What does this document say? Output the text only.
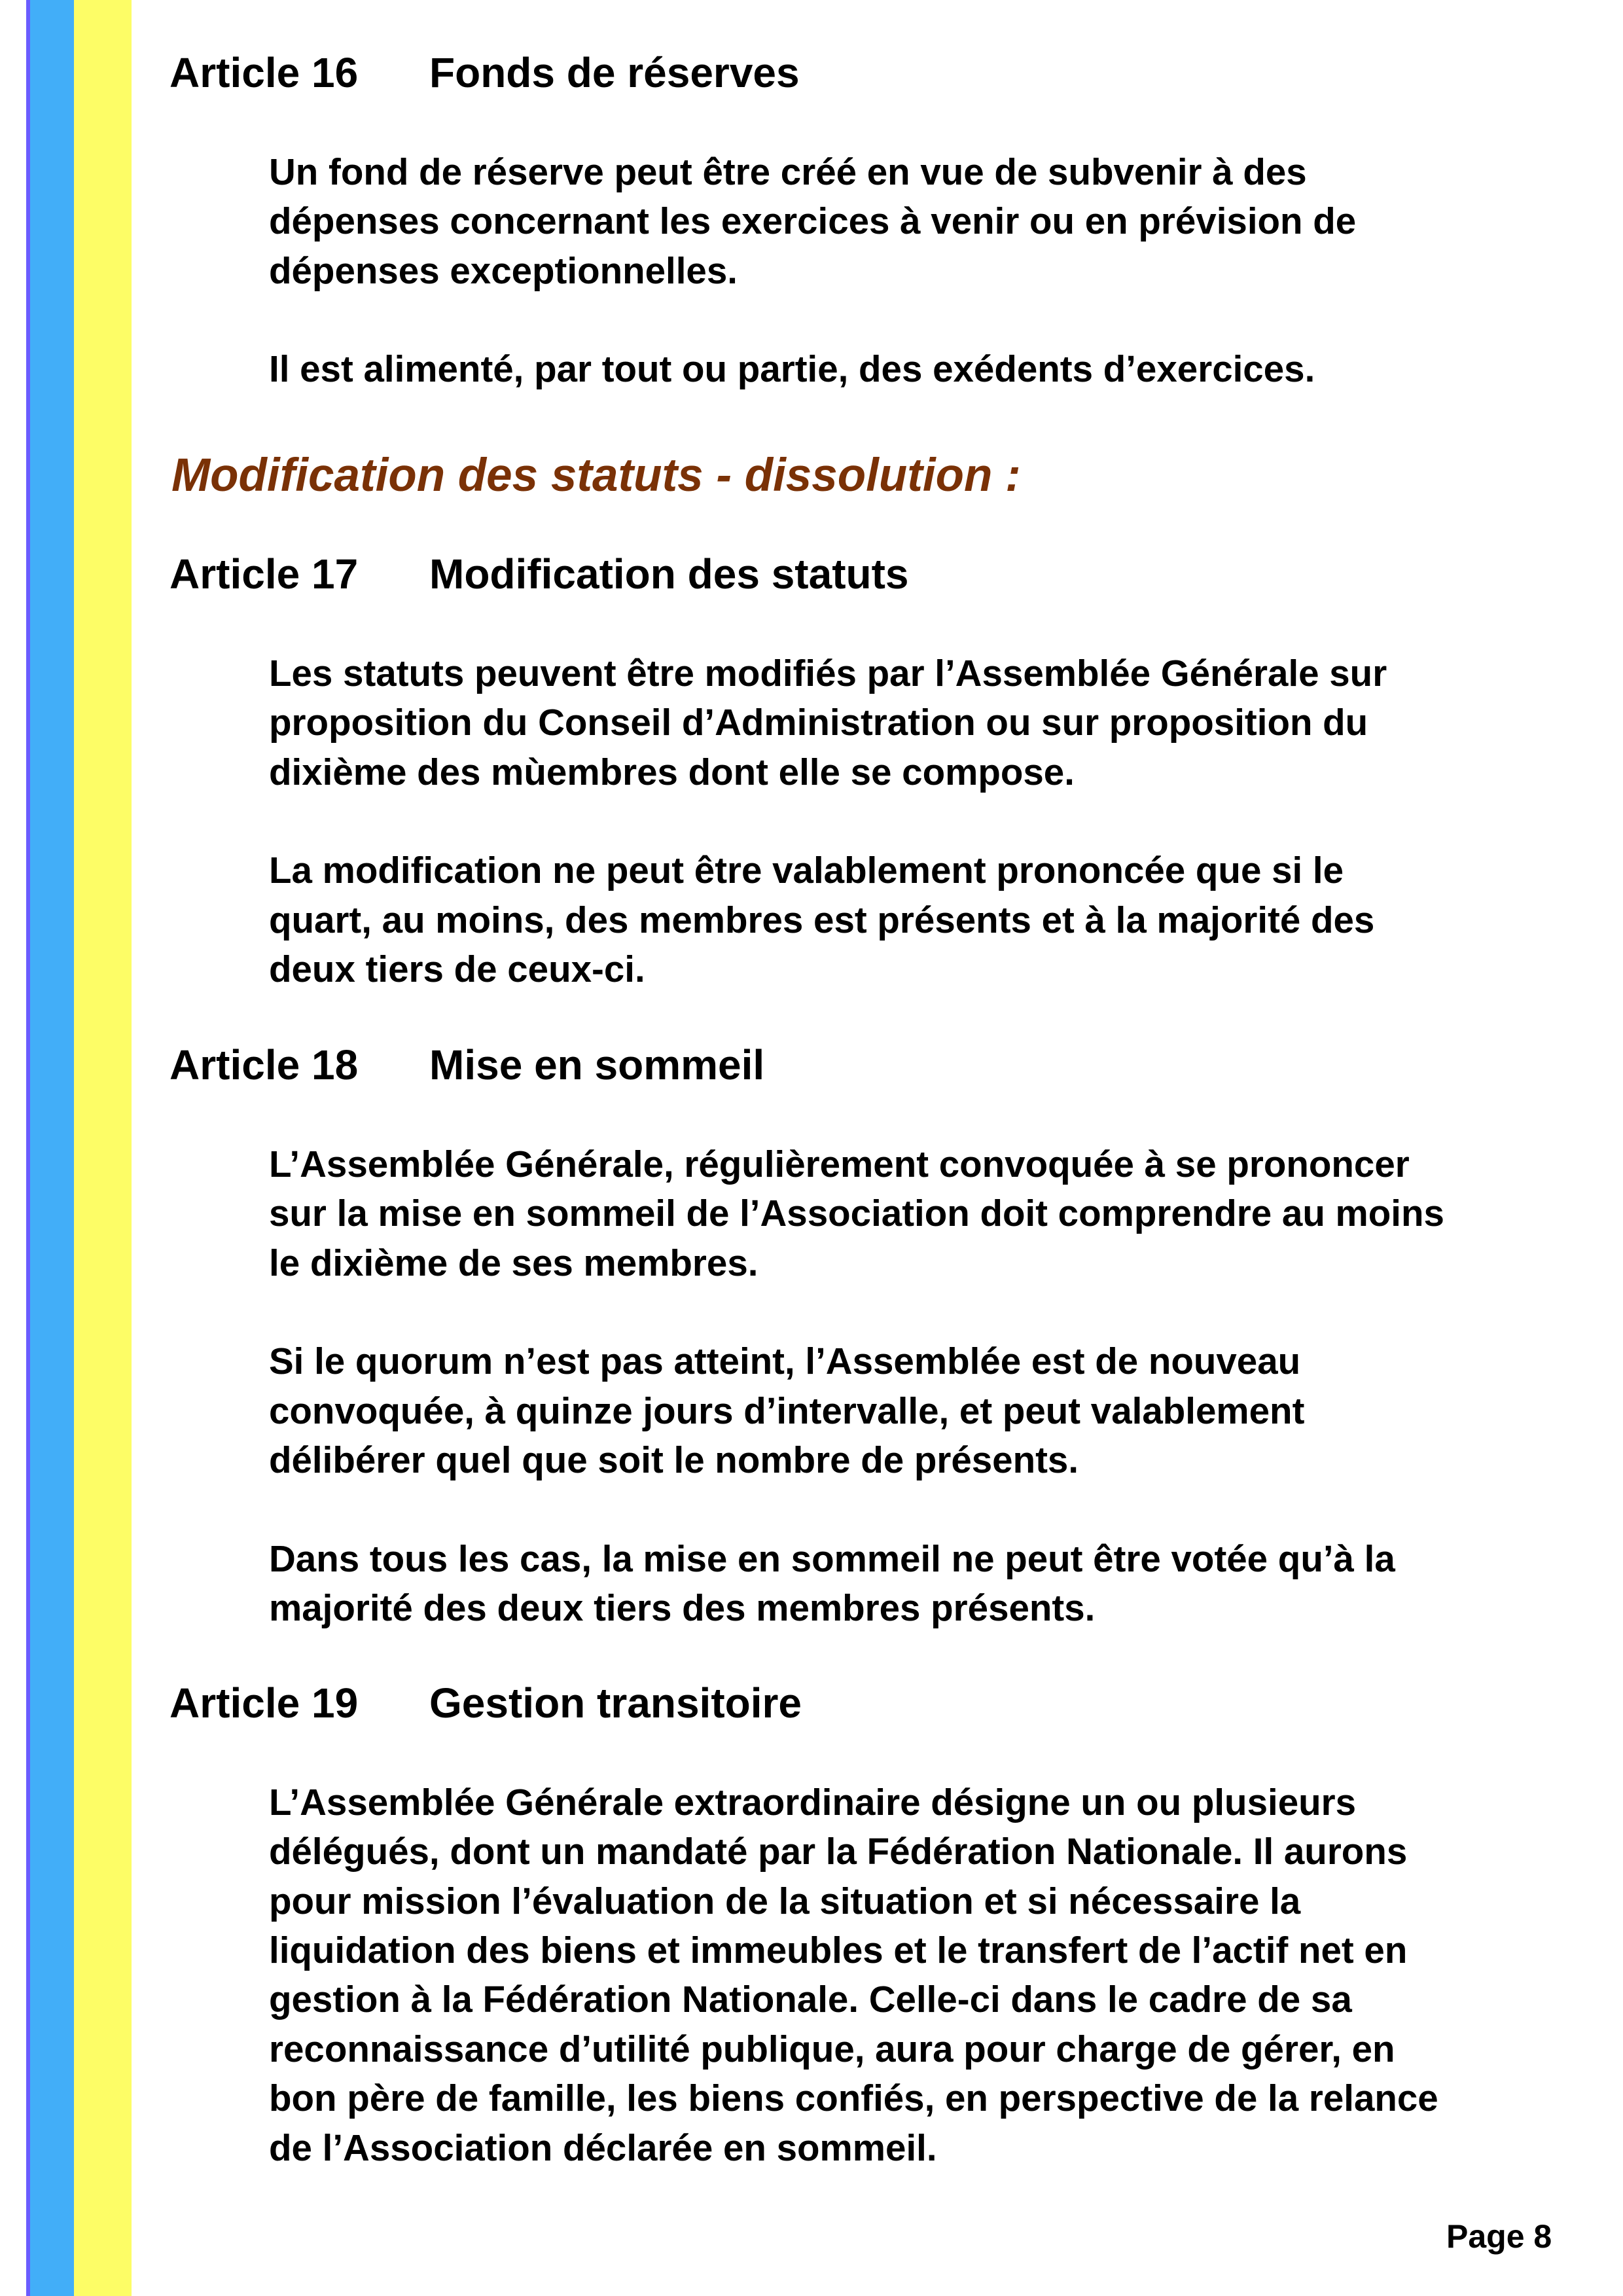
Article 16 Fonds de réserves
Un fond de réserve peut être créé en vue de subvenir à des
dépenses concernant les exercices à venir ou en prévision de
dépenses exceptionnelles.
Il est alimenté, par tout ou partie, des exédents d’exercices.
Modification des statuts - dissolution :
Article 17 Modification des statuts
Les statuts peuvent être modifiés par l’Assemblée Générale sur
proposition du Conseil d’Administration ou sur proposition du
dixième des mùembres dont elle se compose.
La modification ne peut être valablement prononcée que si le
quart, au moins, des membres est présents et à la majorité des
deux tiers de ceux-ci.
Article 18 Mise en sommeil
L’Assemblée Générale, régulièrement convoquée à se prononcer
sur la mise en sommeil de l’Association doit comprendre au moins
le dixième de ses membres.
Si le quorum n’est pas atteint, l’Assemblée est de nouveau
convoquée, à quinze jours d’intervalle, et peut valablement
délibérer quel que soit le nombre de présents.
Dans tous les cas, la mise en sommeil ne peut être votée qu’à la
majorité des deux tiers des membres présents.
Article 19 Gestion transitoire
L’Assemblée Générale extraordinaire désigne un ou plusieurs
délégués, dont un mandaté par la Fédération Nationale. Il aurons
pour mission l’évaluation de la situation et si nécessaire la
liquidation des biens et immeubles et le transfert de l’actif net en
gestion à la Fédération Nationale. Celle-ci dans le cadre de sa
reconnaissance d’utilité publique, aura pour charge de gérer, en
bon père de famille, les biens confiés, en perspective de la relance
de l’Association déclarée en sommeil.
Page 8
